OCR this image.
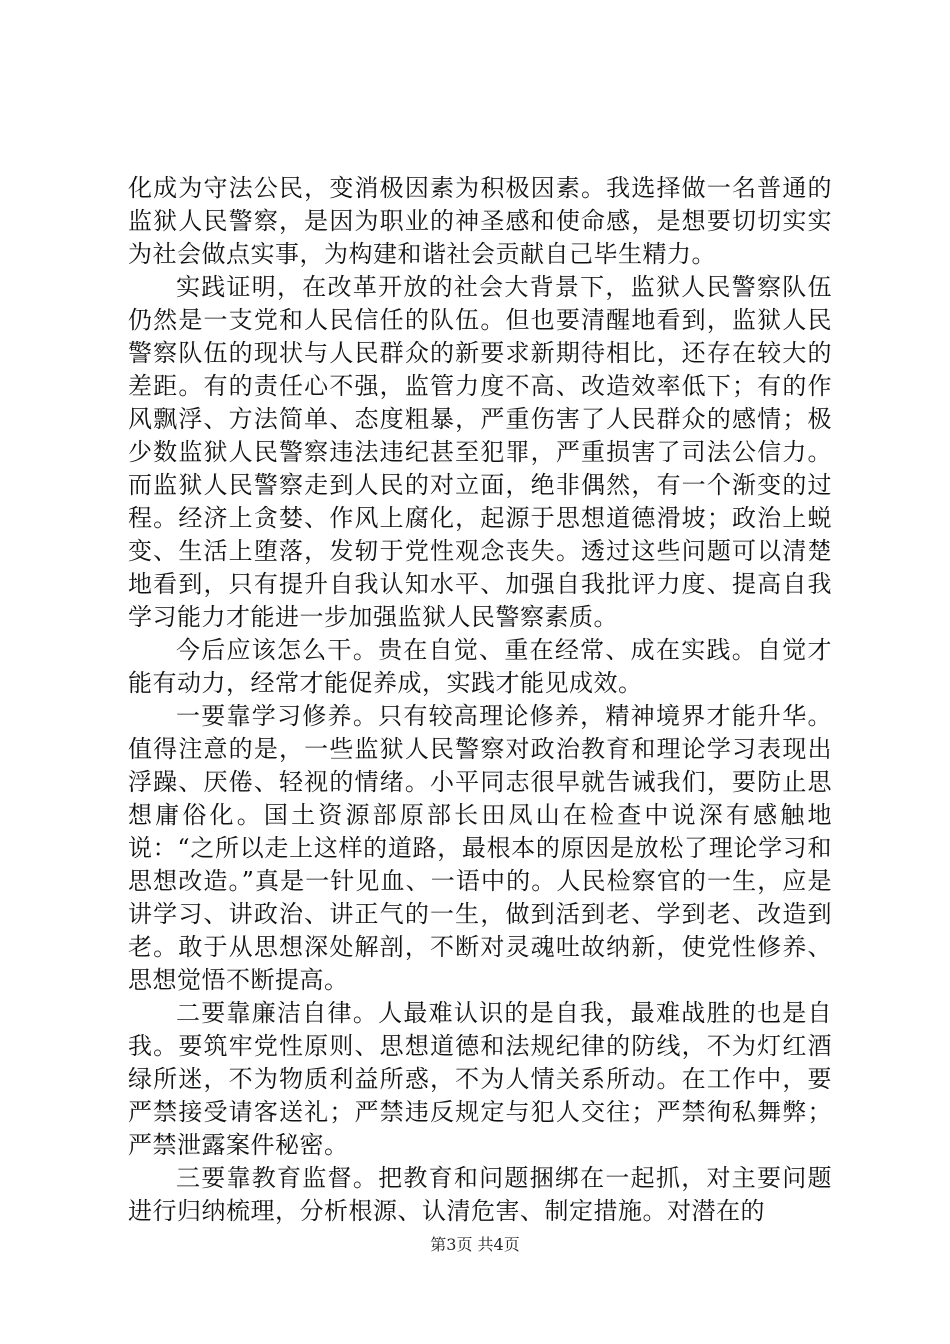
化成为守法公民，变消极因素为积极因素。我选择做一名普通的监狱人民警察，是因为职业的神圣感和使命感，是想要切切实实为社会做点实事，为构建和谐社会贡献自己毕生精力。

实践证明，在改革开放的社会大背景下，监狱人民警察队伍仍然是一支党和人民信任的队伍。但也要清醒地看到，监狱人民警察队伍的现状与人民群众的新要求新期待相比，还存在较大的差距。有的责任心不强，监管力度不高、改造效率低下；有的作风飘浮、方法简单、态度粗暴，严重伤害了人民群众的感情；极少数监狱人民警察违法违纪甚至犯罪，严重损害了司法公信力。而监狱人民警察走到人民的对立面，绝非偶然，有一个渐变的过程。经济上贪婪、作风上腐化，起源于思想道德滑坡；政治上蜕变、生活上堕落，发轫于党性观念丧失。透过这些问题可以清楚地看到，只有提升自我认知水平、加强自我批评力度、提高自我学习能力才能进一步加强监狱人民警察素质。

今后应该怎么干。贵在自觉、重在经常、成在实践。自觉才能有动力，经常才能促养成，实践才能见成效。

一要靠学习修养。只有较高理论修养，精神境界才能升华。值得注意的是，一些监狱人民警察对政治教育和理论学习表现出浮躁、厌倦、轻视的情绪。小平同志很早就告诫我们，要防止思想庸俗化。国土资源部原部长田凤山在检查中说深有感触地说：“之所以走上这样的道路，最根本的原因是放松了理论学习和思想改造。”真是一针见血、一语中的。人民检察官的一生，应是讲学习、讲政治、讲正气的一生，做到活到老、学到老、改造到老。敢于从思想深处解剖，不断对灵魂吐故纳新，使党性修养、思想觉悟不断提高。

二要靠廉洁自律。人最难认识的是自我，最难战胜的也是自我。要筑牢党性原则、思想道德和法规纪律的防线，不为灯红酒绿所迷，不为物质利益所惑，不为人情关系所动。在工作中，要严禁接受请客送礼；严禁违反规定与犯人交往；严禁徇私舞弊；严禁泄露案件秘密。

三要靠教育监督。把教育和问题捆绑在一起抓，对主要问题进行归纳梳理，分析根源、认清危害、制定措施。对潜在的

第3页 共4页
